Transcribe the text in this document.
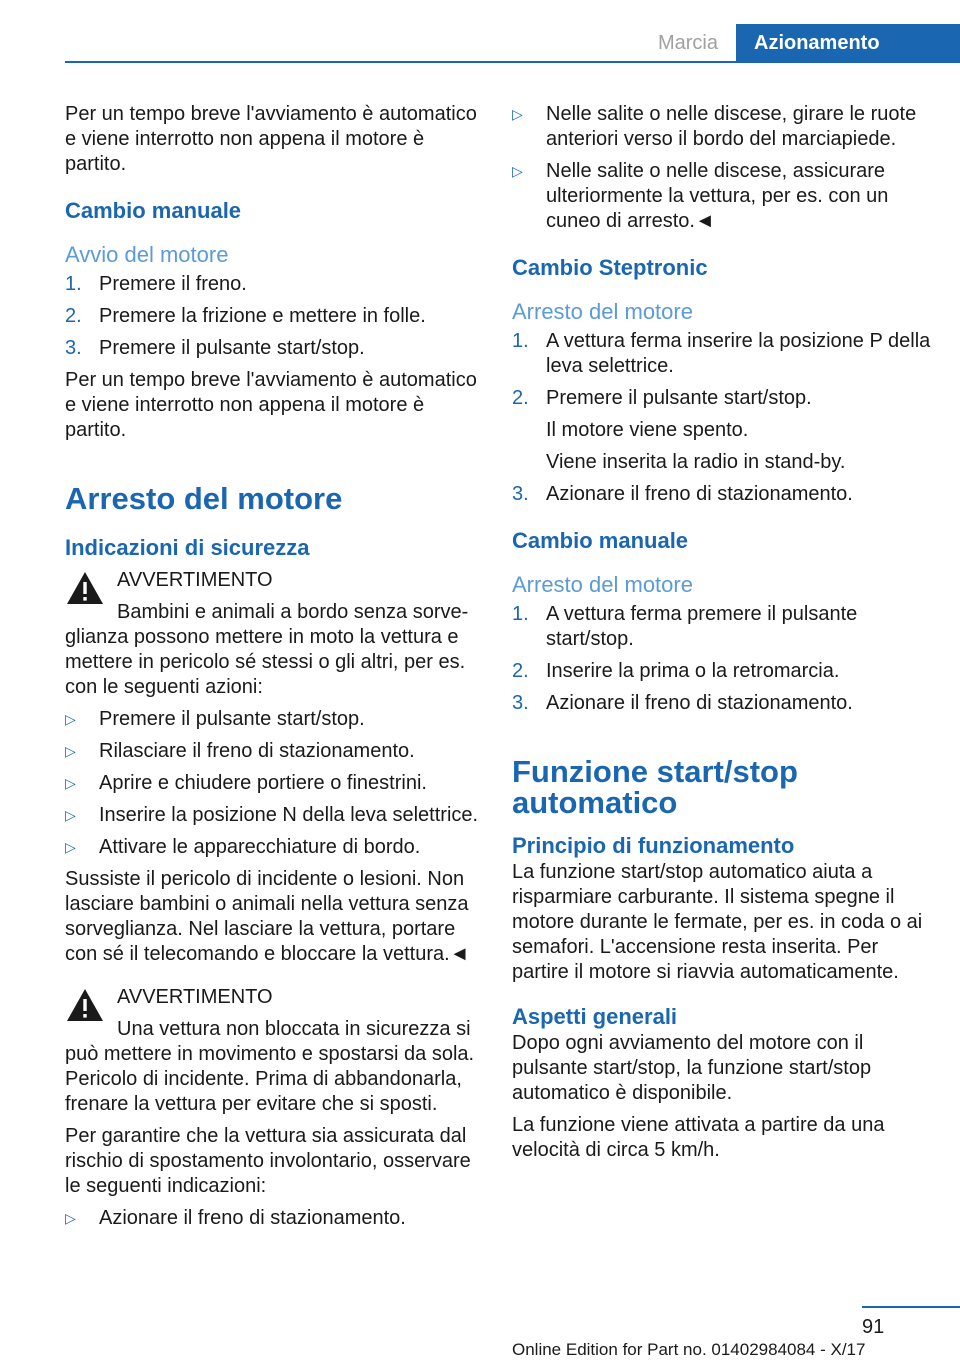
Marcia	Azionamento

Per un tempo breve l'avviamento è automatico e viene interrotto non appena il motore è partito.

Cambio manuale
Avvio del motore
1. Premere il freno.
2. Premere la frizione e mettere in folle.
3. Premere il pulsante start/stop.

Per un tempo breve l'avviamento è automatico e viene interrotto non appena il motore è partito.

Arresto del motore
Indicazioni di sicurezza
AVVERTIMENTO
Bambini e animali a bordo senza sorve-

glianza possono mettere in moto la vettura e mettere in pericolo sé stessi o gli altri, per es. con le seguenti azioni:

▷	Premere il pulsante start/stop.
▷	Rilasciare il freno di stazionamento.
▷	Aprire e chiudere portiere o finestrini.
▷	Inserire la posizione N della leva selettrice.
▷	Attivare le apparecchiature di bordo.

Sussiste il pericolo di incidente o lesioni. Non lasciare bambini o animali nella vettura senza sorveglianza. Nel lasciare la vettura, portare con sé il telecomando e bloccare la vettura.◄

AVVERTIMENTO
Una vettura non bloccata in sicurezza si

può mettere in movimento e spostarsi da sola. Pericolo di incidente. Prima di abbandonarla, frenare la vettura per evitare che si sposti.

Per garantire che la vettura sia assicurata dal rischio di spostamento involontario, osservare le seguenti indicazioni:

▷	Azionare il freno di stazionamento.
▷	Nelle salite o nelle discese, girare le ruote anteriori verso il bordo del marciapiede.
▷	Nelle salite o nelle discese, assicurare ulteriormente la vettura, per es. con un cuneo di arresto.◄
Cambio Steptronic
Arresto del motore
1. A vettura ferma inserire la posizione P della leva selettrice.
2. Premere il pulsante start/stop.
Il motore viene spento.
Viene inserita la radio in stand-by.
3. Azionare il freno di stazionamento.
Cambio manuale
Arresto del motore
1. A vettura ferma premere il pulsante start/stop.
2. Inserire la prima o la retromarcia.
3. Azionare il freno di stazionamento.
Funzione start/stop automatico
Principio di funzionamento

La funzione start/stop automatico aiuta a risparmiare carburante. Il sistema spegne il motore durante le fermate, per es. in coda o ai semafori. L'accensione resta inserita. Per partire il motore si riavvia automaticamente.

Aspetti generali

Dopo ogni avviamento del motore con il pulsante start/stop, la funzione start/stop automatico è disponibile.

La funzione viene attivata a partire da una velocità di circa 5 km/h.

91
Online Edition for Part no. 01402984084 - X/17
